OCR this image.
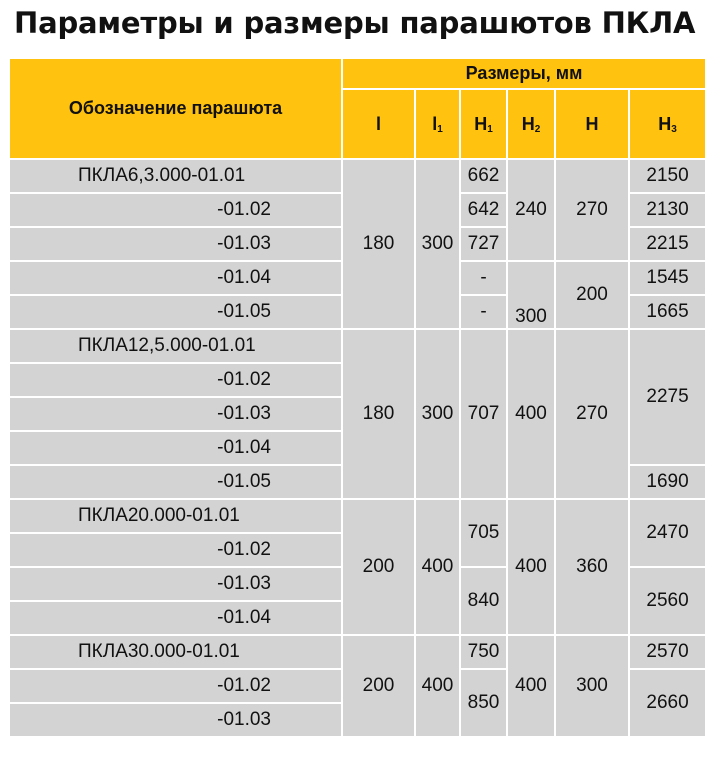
Параметры и размеры парашютов ПКЛА
Обозначение парашюта	Размеры, мм					
	l	$l_1$	$H_1$	$H_2$	H	$H_3$
ПКЛА6,3.000-01.01	180	300	662	240	270	2150
-01.02			642			2130
-01.03			727			2215
-01.04			-	300	200	1545
-01.05			-			1665
ПКЛА12,5.000-01.01	180	300	707	400	270	2275
-01.02						
-01.03						
-01.04						
-01.05						1690
ПКЛА20.000-01.01	200	400	705	400	360	2470
-01.02						
-01.03			840			2560
-01.04						
ПКЛА30.000-01.01	200	400	750	400	300	2570
-01.02			850			2660
-01.03						
